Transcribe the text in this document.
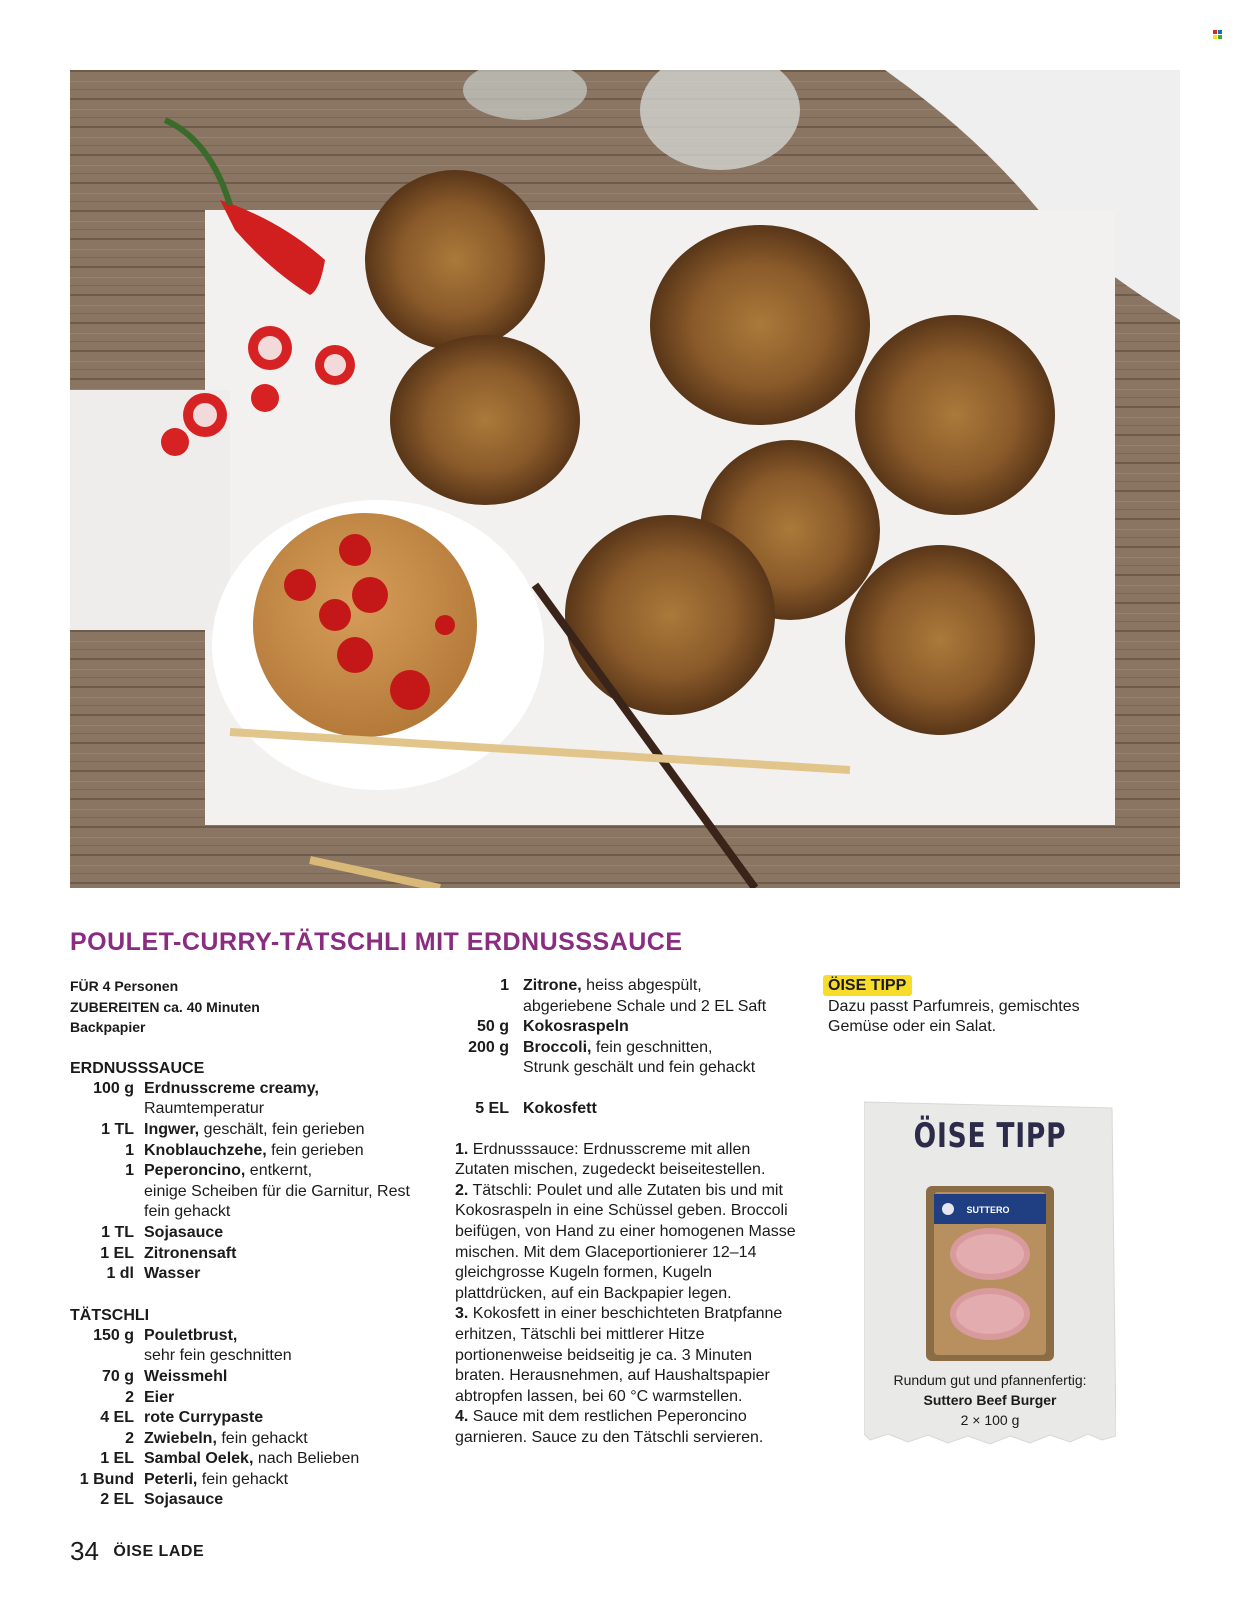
POULET-CURRY-TÄTSCHLI MIT ERDNUSSSAUCE
FÜR 4 Personen
ZUBEREITEN ca. 40 Minuten
Backpapier
ERDNUSSSAUCE
100 g Erdnusscreme creamy,
Raumtemperatur
1 TL Ingwer, geschält, fein gerieben
1 Knoblauchzehe, fein gerieben
1 Peperoncino, entkernt,
einige Scheiben für die Garnitur, Rest fein gehackt
1 TL Sojasauce
1 EL Zitronensaft
1 dl Wasser
TÄTSCHLI
150 g Pouletbrust,
sehr fein geschnitten
70 g Weissmehl
2 Eier
4 EL rote Currypaste
2 Zwiebeln, fein gehackt
1 EL Sambal Oelek, nach Belieben
1 Bund Peterli, fein gehackt
2 EL Sojasauce
1 Zitrone, heiss abgespült,
abgeriebene Schale und 2 EL Saft
50 g Kokosraspeln
200 g Broccoli, fein geschnitten,
Strunk geschält und fein gehackt
5 EL Kokosfett

1. Erdnusssauce: Erdnusscreme mit allen Zutaten mischen, zugedeckt beiseitestellen.

2. Tätschli: Poulet und alle Zutaten bis und mit Kokosraspeln in eine Schüssel geben. Broccoli beifügen, von Hand zu einer homogenen Masse mischen. Mit dem Glaceportionierer 12–14 gleichgrosse Kugeln formen, Kugeln plattdrücken, auf ein Backpapier legen.

3. Kokosfett in einer beschichteten Bratpfanne erhitzen, Tätschli bei mittlerer Hitze portionenweise beidseitig je ca. 3 Minuten braten. Herausnehmen, auf Haushaltspapier abtropfen lassen, bei 60 °C warmstellen.

4. Sauce mit dem restlichen Peperoncino garnieren. Sauce zu den Tätschli servieren.

ÖISE TIPP

Dazu passt Parfumreis, gemischtes Gemüse oder ein Salat.

ÖISE TIPP
SUTTERO
Rundum gut und pfannenfertig:
Suttero Beef Burger
2 × 100 g
34 ÖISE LADE
